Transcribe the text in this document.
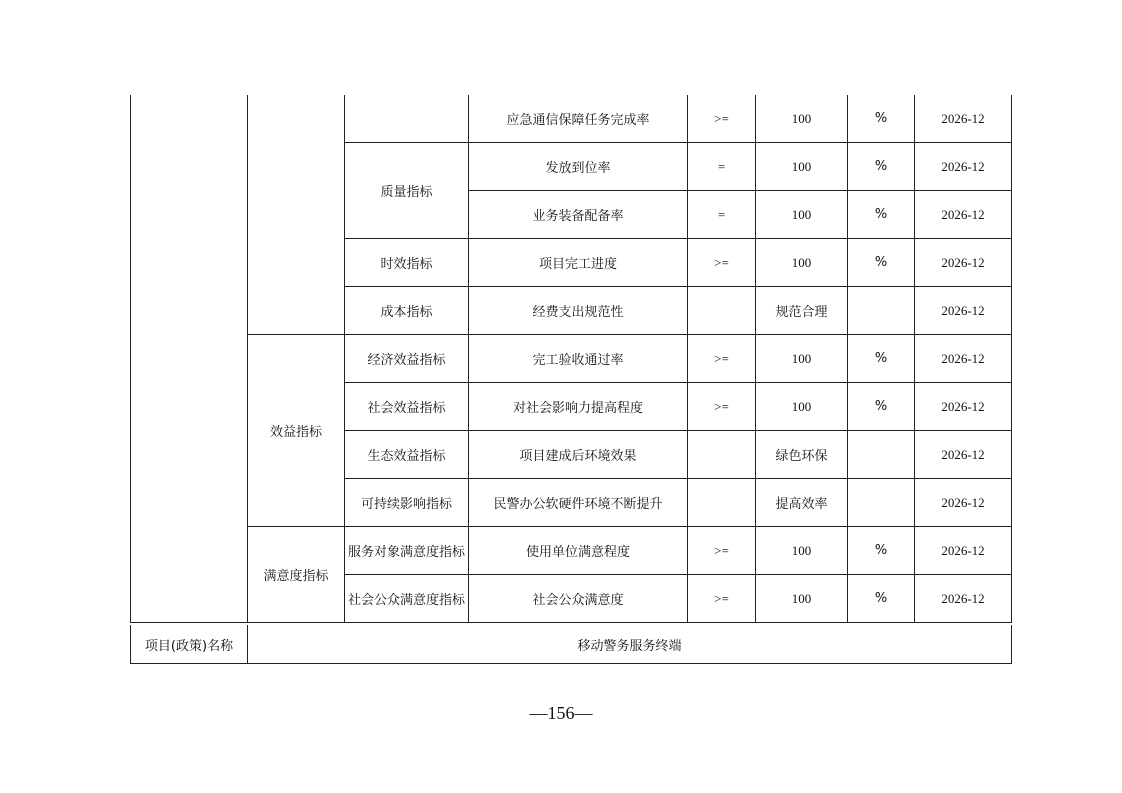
			应急通信保障任务完成率	>=	100	%	2026-12
		质量指标	发放到位率	=	100	%	2026-12
			业务装备配备率	=	100	%	2026-12
		时效指标	项目完工进度	>=	100	%	2026-12
		成本指标	经费支出规范性		规范合理		2026-12
	效益指标	经济效益指标	完工验收通过率	>=	100	%	2026-12
		社会效益指标	对社会影响力提高程度	>=	100	%	2026-12
		生态效益指标	项目建成后环境效果		绿色环保		2026-12
		可持续影响指标	民警办公软硬件环境不断提升		提高效率		2026-12
	满意度指标	服务对象满意度指标	使用单位满意程度	>=	100	%	2026-12
		社会公众满意度指标	社会公众满意度	>=	100	%	2026-12
项目(政策)名称	移动警务服务终端
—156—
